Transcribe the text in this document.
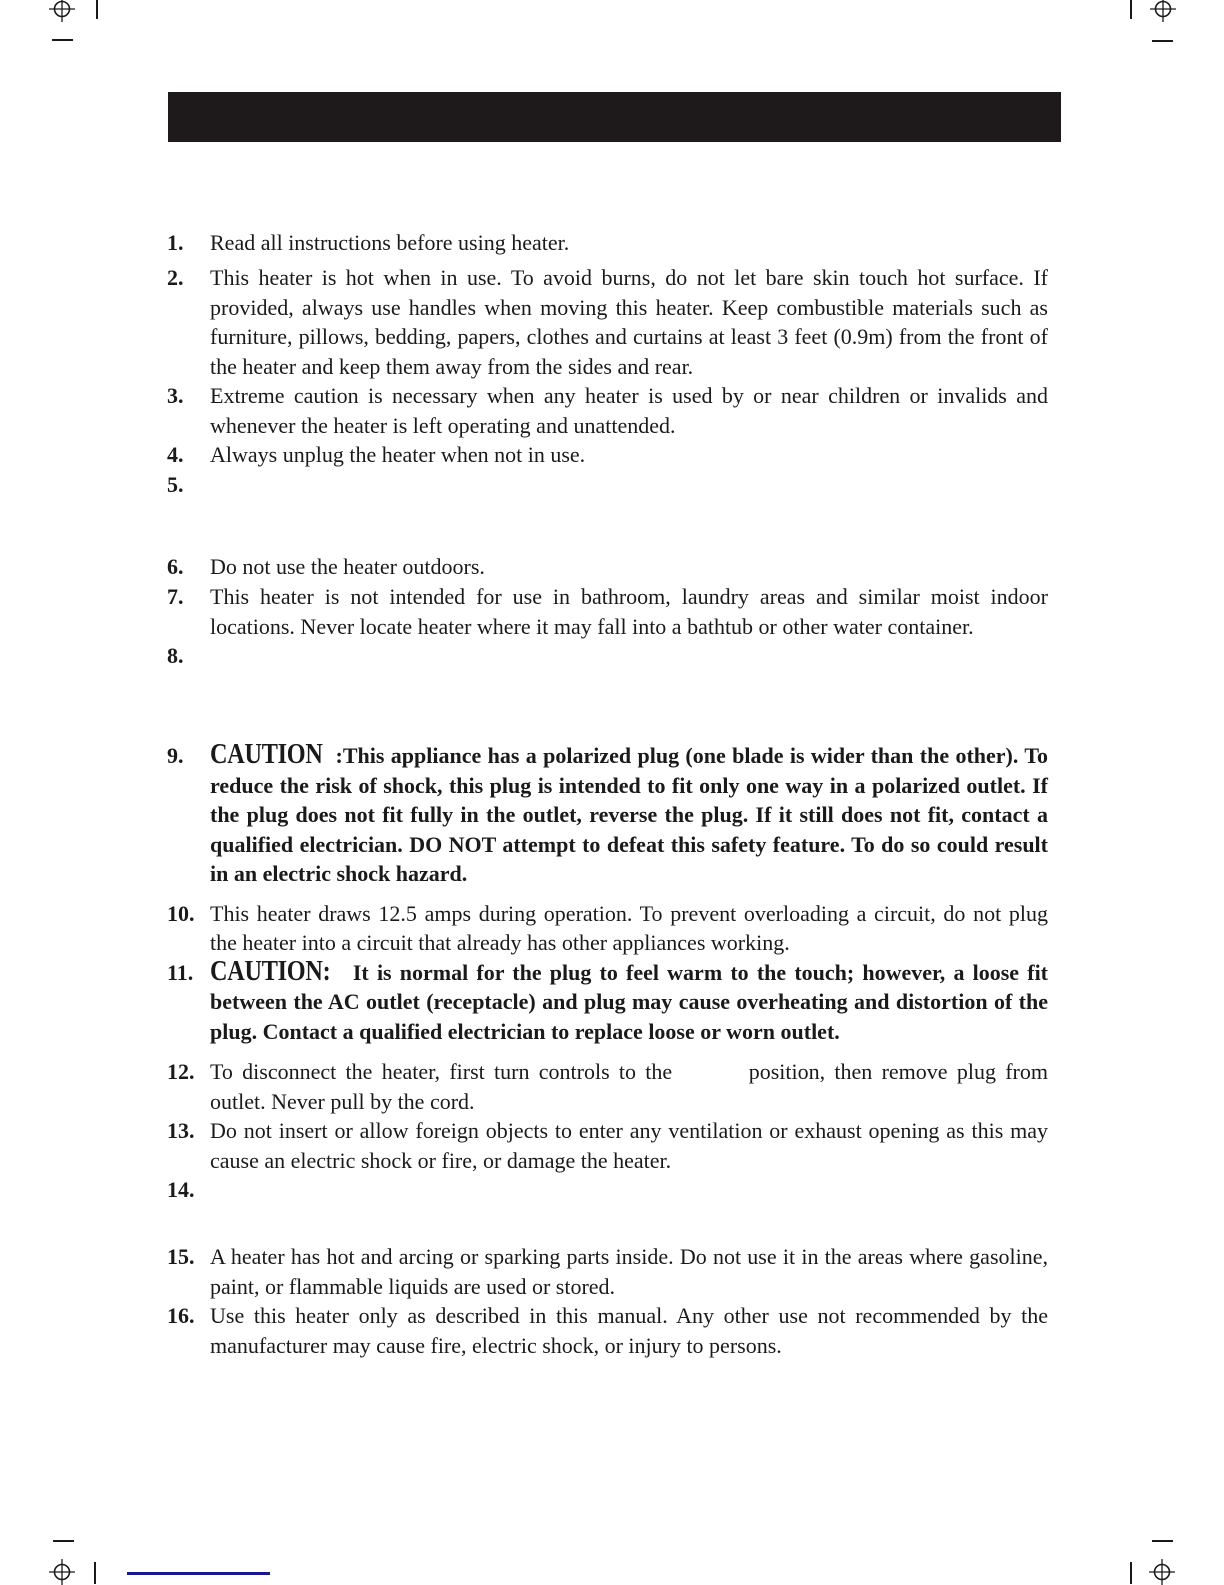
1. Read all instructions before using heater.
2. This heater is hot when in use. To avoid burns, do not let bare skin touch hot surface. If provided, always use handles when moving this heater. Keep combustible materials such as furniture, pillows, bedding, papers, clothes and curtains at least 3 feet (0.9m) from the front of the heater and keep them away from the sides and rear.
3. Extreme caution is necessary when any heater is used by or near children or invalids and whenever the heater is left operating and unattended.
4. Always unplug the heater when not in use.
5.
6. Do not use the heater outdoors.
7. This heater is not intended for use in bathroom, laundry areas and similar moist indoor locations. Never locate heater where it may fall into a bathtub or other water container.
8.
9. CAUTION :This appliance has a polarized plug (one blade is wider than the other). To reduce the risk of shock, this plug is intended to fit only one way in a polarized outlet. If the plug does not fit fully in the outlet, reverse the plug. If it still does not fit, contact a qualified electrician. DO NOT attempt to defeat this safety feature. To do so could result in an electric shock hazard.
10. This heater draws 12.5 amps during operation. To prevent overloading a circuit, do not plug the heater into a circuit that already has other appliances working.
11. CAUTION: It is normal for the plug to feel warm to the touch; however, a loose fit between the AC outlet (receptacle) and plug may cause overheating and distortion of the plug. Contact a qualified electrician to replace loose or worn outlet.
12. To disconnect the heater, first turn controls to the	position, then remove plug from outlet. Never pull by the cord.
13. Do not insert or allow foreign objects to enter any ventilation or exhaust opening as this may cause an electric shock or fire, or damage the heater.
14.
15. A heater has hot and arcing or sparking parts inside. Do not use it in the areas where gasoline, paint, or flammable liquids are used or stored.
16. Use this heater only as described in this manual. Any other use not recommended by the manufacturer may cause fire, electric shock, or injury to persons.
